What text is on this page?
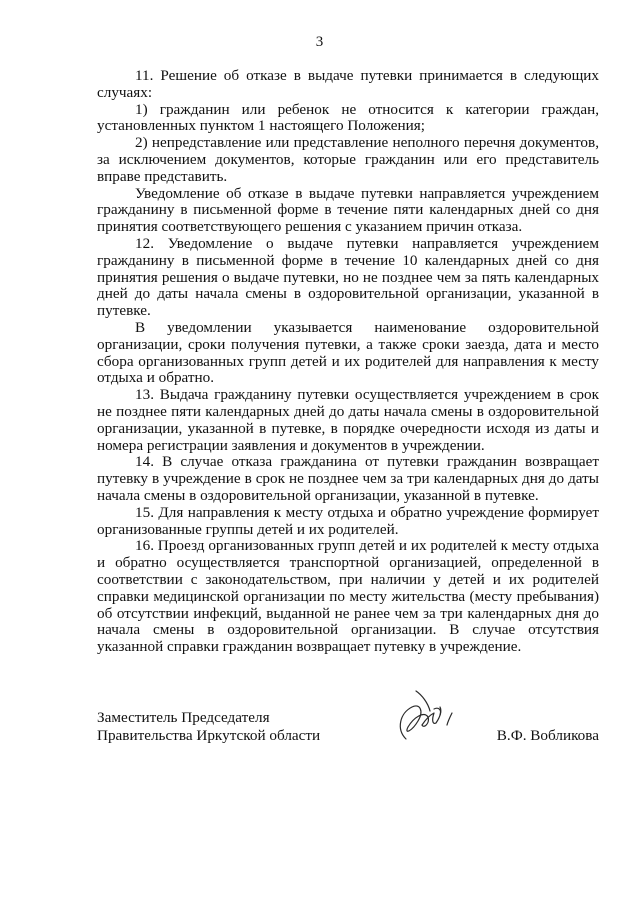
3

11. Решение об отказе в выдаче путевки принимается в следующих случаях:

1) гражданин или ребенок не относится к категории граждан, установленных пунктом 1 настоящего Положения;

2) непредставление или представление неполного перечня документов, за исключением документов, которые гражданин или его представитель вправе представить.

Уведомление об отказе в выдаче путевки направляется учреждением гражданину в письменной форме в течение пяти календарных дней со дня принятия соответствующего решения с указанием причин отказа.

12. Уведомление о выдаче путевки направляется учреждением гражданину в письменной форме в течение 10 календарных дней со дня принятия решения о выдаче путевки, но не позднее чем за пять календарных дней до даты начала смены в оздоровительной организации, указанной в путевке.

В уведомлении указывается наименование оздоровительной организации, сроки получения путевки, а также сроки заезда, дата и место сбора организованных групп детей и их родителей для направления к месту отдыха и обратно.

13. Выдача гражданину путевки осуществляется учреждением в срок не позднее пяти календарных дней до даты начала смены в оздоровительной организации, указанной в путевке, в порядке очередности исходя из даты и номера регистрации заявления и документов в учреждении.

14. В случае отказа гражданина от путевки гражданин возвращает путевку в учреждение в срок не позднее чем за три календарных дня до даты начала смены в оздоровительной организации, указанной в путевке.

15. Для направления к месту отдыха и обратно учреждение формирует организованные группы детей и их родителей.

16. Проезд организованных групп детей и их родителей к месту отдыха и обратно осуществляется транспортной организацией, определенной в соответствии с законодательством, при наличии у детей и их родителей справки медицинской организации по месту жительства (месту пребывания) об отсутствии инфекций, выданной не ранее чем за три календарных дня до начала смены в оздоровительной организации. В случае отсутствия указанной справки гражданин возвращает путевку в учреждение.

Заместитель Председателя
Правительства Иркутской области	В.Ф. Вобликова
